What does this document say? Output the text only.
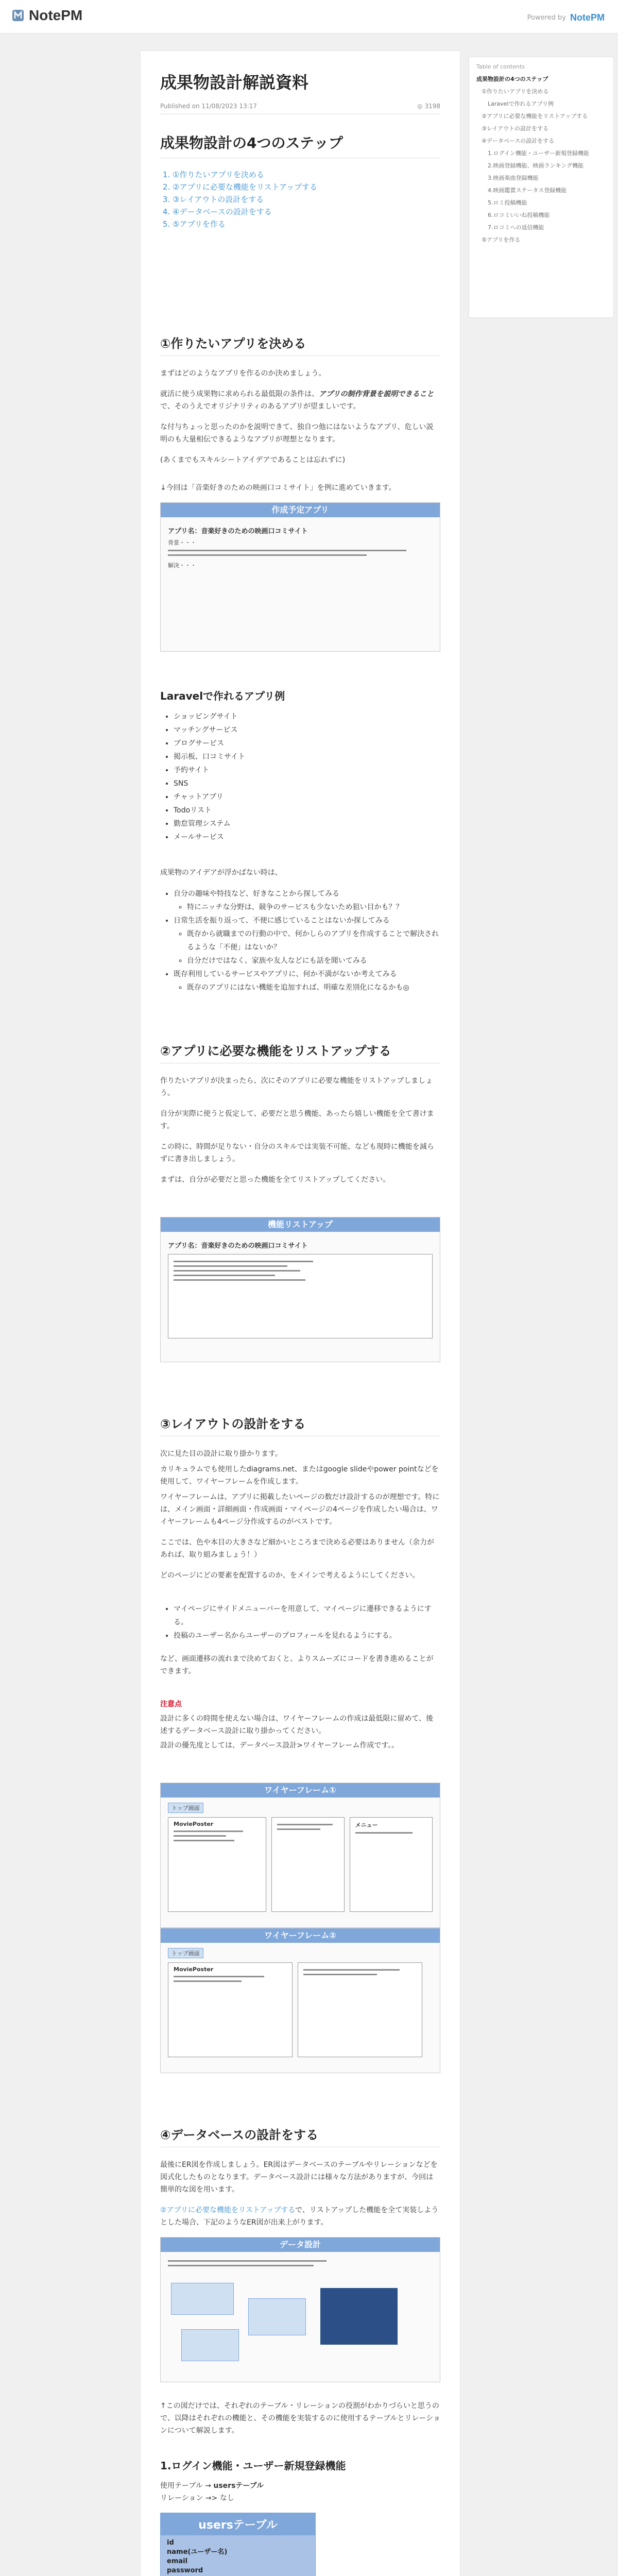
NotePM	Powered by NotePM
成果物設計解説資料
Published on 11/08/2023 13:17	◎ 3198
成果物設計の4つのステップ
1. ①作りたいアプリを決める
2. ②アプリに必要な機能をリストアップする
3. ③レイアウトの設計をする
4. ④データベースの設計をする
5. ⑤アプリを作る
①作りたいアプリを決める

まずはどのようなアプリを作るのか決めましょう。

就活に使う成果物に求められる最低限の条件は、アプリの制作背景を説明できることで、そのうえでオリジナリティのあるアプリが望ましいです。

な付与ちょっと思ったのかを説明できて、独自つ他にはないようなアプリ、危しい説明のも大量相伝できるようなアプリが理想となります。

(あくまでもスキルシートアイデアであることは忘れずに)

↓今回は「音楽好きのための映画口コミサイト」を例に進めていきます。

作成予定アプリ
アプリ名：音楽好きのための映画口コミサイト
背景・・・
解決・・・
Laravelで作れるアプリ例
• ショッピングサイト
• マッチングサービス
• ブログサービス
• 掲示板、口コミサイト
• 予約サイト
• SNS
• チャットアプリ
• Todoリスト
• 勤怠管理システム
• メールサービス

成果物のアイデアが浮かばない時は、

• 自分の趣味や特技など、好きなことから探してみる
◦ 特にニッチな分野は、競争のサービスも少ないため狙い目かも？？
• 日常生活を振り返って、不便に感じていることはないか探してみる
◦ 既存から就職までの行動の中で、何かしらのアプリを作成することで解決されるような「不便」はないか？
◦ 自分だけではなく、家族や友人などにも話を聞いてみる
• 既存利用しているサービスやアプリに、何か不満がないか考えてみる
◦ 既存のアプリにはない機能を追加すれば、明確な差別化になるかも◎
②アプリに必要な機能をリストアップする

作りたいアプリが決まったら、次にそのアプリに必要な機能をリストアップしましょう。

自分が実際に使うと仮定して、必要だと思う機能、あったら嬉しい機能を全て書けます。

この時に、時間が足りない・自分のスキルでは実装不可能、なども現時に機能を減らずに書き出しましょう。

まずは、自分が必要だと思った機能を全てリストアップしてください。

機能リストアップ
アプリ名：音楽好きのための映画口コミサイト
③レイアウトの設計をする

次に見た目の設計に取り掛かります。

カリキュラムでも使用したdiagrams.net、またはgoogle slideやpower pointなどを使用して、ワイヤーフレームを作成します。

ワイヤーフレームは、アプリに掲載したいページの数だけ設計するのが理想です。特には、メイン画面・詳細画面・作成画面・マイページの4ページを作成したい場合は、ワイヤーフレームも4ページ分作成するのがベストです。

ここでは、色や本目の大きさなど細かいところまで決める必要はありません（余力があれば、取り組みましょう！）

どのページにどの要素を配置するのか、をメインで考えるようにしてください。

• マイページにサイドメニューバーを用意して、マイページに遷移できるようにする。
• 投稿のユーザー名からユーザーのプロフィールを見れるようにする。

など、画面遷移の流れまで決めておくと、よりスムーズにコードを書き進めることができます。

注意点

設計に多くの時間を使えない場合は、ワイヤーフレームの作成は最低限に留めて、後述するデータベース設計に取り掛かってください。

設計の優先度としては、データベース設計>ワイヤーフレーム作成です。。

ワイヤーフレーム①
トップ画面
MoviePoster	メニュー
ワイヤーフレーム②
トップ画面
MoviePoster
④データベースの設計をする

最後にER図を作成しましょう。ER図はデータベースのテーブルやリレーションなどを図式化したものとなります。データベース設計には様々な方法がありますが、今回は簡単的な図を用います。

②アプリに必要な機能をリストアップするで、リストアップした機能を全て実装しようとした場合、下記のようなER図が出来上がります。

データ設計

↑この図だけでは、それぞれのテーブル・リレーションの役割がわかりづらいと思うので、以降はそれぞれの機能と、その機能を実装するのに使用するテーブルとリレーションについて解説します。

1.ログイン機能・ユーザー新規登録機能

使用テーブル → usersテーブル

リレーション →> なし

usersテーブル
id
name(ユーザー名)
email
password

Table of contents
成果物設計の4つのステップ
①作りたいアプリを決める
Laravelで作れるアプリ例
②アプリに必要な機能をリストアップする
③レイアウトの設計をする
④データベースの設計をする
1.ログイン機能・ユーザー新規登録機能
2.映画登録機能、映画ランキング機能
3.映画楽曲登録機能
4.映画鑑賞ステータス登録機能
5.ロミ投稿機能
6.ロコミいいね投稿機能
7.ロコミへの返信機能
⑤アプリを作る
